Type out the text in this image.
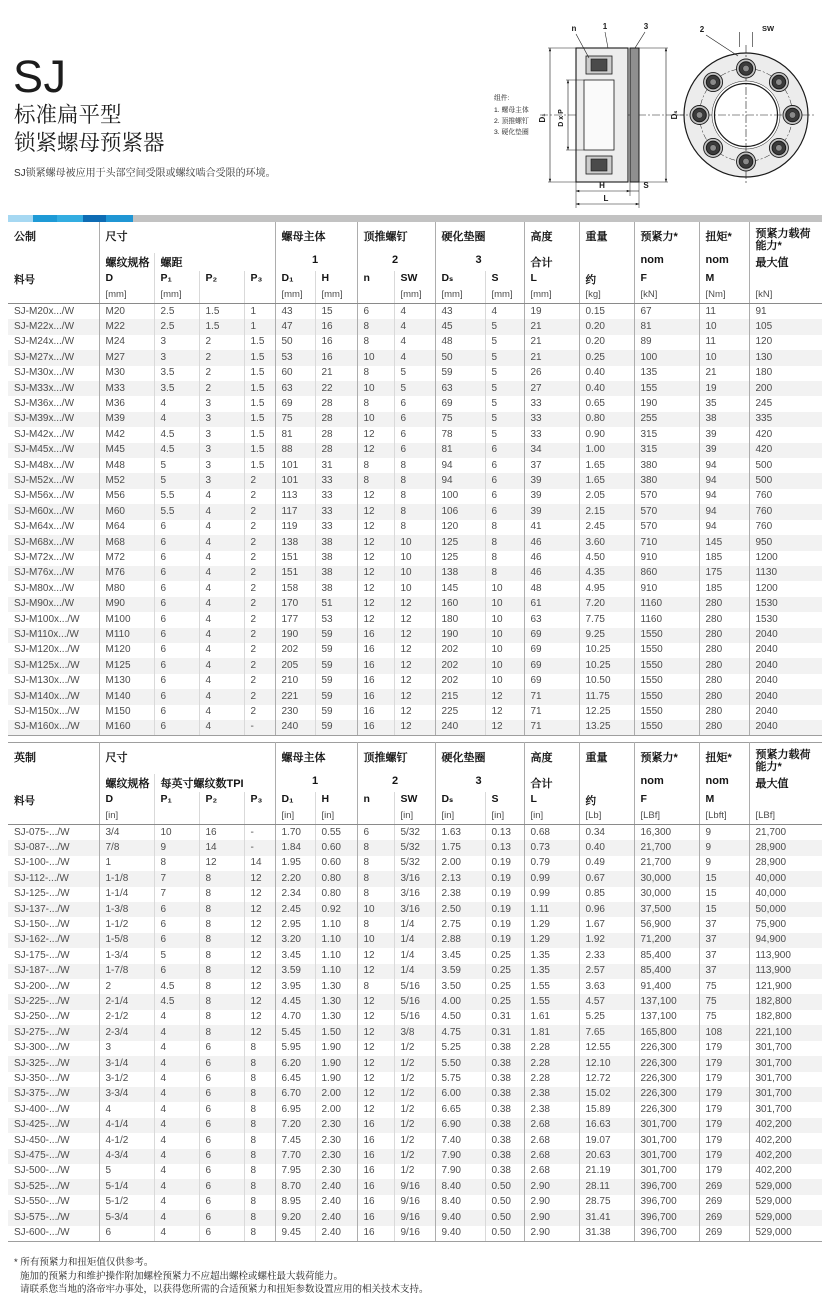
SJ
标准扁平型
锁紧螺母预紧器
SJ锁紧螺母被应用于头部空间受限或螺纹啮合受限的环境。
组件:
1. 螺母主体
2. 顶推螺钉
3. 硬化垫圈
n	1	3
D₁ D x P	Dₛ
H	S
L
2	SW
公制	尺寸				螺母主体		顶推螺钉		硬化垫圈		高度	重量	预紧力*	扭矩*	预紧力载荷能力*
	螺纹规格	螺距			1		2		3		合计		nom	nom	最大值
料号	D	P₁	P₂	P₃	D₁	H	n	SW	Dₛ	S	L	约	F	M	
	[mm]	[mm]			[mm]	[mm]		[mm]	[mm]	[mm]	[mm]	[kg]	[kN]	[Nm]	[kN]
SJ-M20x.../W	M20	2.5	1.5	1	43	15	6	4	43	4	19	0.15	67	11	91
SJ-M22x.../W	M22	2.5	1.5	1	47	16	8	4	45	5	21	0.20	81	10	105
SJ-M24x.../W	M24	3	2	1.5	50	16	8	4	48	5	21	0.20	89	11	120
SJ-M27x.../W	M27	3	2	1.5	53	16	10	4	50	5	21	0.25	100	10	130
SJ-M30x.../W	M30	3.5	2	1.5	60	21	8	5	59	5	26	0.40	135	21	180
SJ-M33x.../W	M33	3.5	2	1.5	63	22	10	5	63	5	27	0.40	155	19	200
SJ-M36x.../W	M36	4	3	1.5	69	28	8	6	69	5	33	0.65	190	35	245
SJ-M39x.../W	M39	4	3	1.5	75	28	10	6	75	5	33	0.80	255	38	335
SJ-M42x.../W	M42	4.5	3	1.5	81	28	12	6	78	5	33	0.90	315	39	420
SJ-M45x.../W	M45	4.5	3	1.5	88	28	12	6	81	6	34	1.00	315	39	420
SJ-M48x.../W	M48	5	3	1.5	101	31	8	8	94	6	37	1.65	380	94	500
SJ-M52x.../W	M52	5	3	2	101	33	8	8	94	6	39	1.65	380	94	500
SJ-M56x.../W	M56	5.5	4	2	113	33	12	8	100	6	39	2.05	570	94	760
SJ-M60x.../W	M60	5.5	4	2	117	33	12	8	106	6	39	2.15	570	94	760
SJ-M64x.../W	M64	6	4	2	119	33	12	8	120	8	41	2.45	570	94	760
SJ-M68x.../W	M68	6	4	2	138	38	12	10	125	8	46	3.60	710	145	950
SJ-M72x.../W	M72	6	4	2	151	38	12	10	125	8	46	4.50	910	185	1200
SJ-M76x.../W	M76	6	4	2	151	38	12	10	138	8	46	4.35	860	175	1130
SJ-M80x.../W	M80	6	4	2	158	38	12	10	145	10	48	4.95	910	185	1200
SJ-M90x.../W	M90	6	4	2	170	51	12	12	160	10	61	7.20	1160	280	1530
SJ-M100x.../W	M100	6	4	2	177	53	12	12	180	10	63	7.75	1160	280	1530
SJ-M110x.../W	M110	6	4	2	190	59	16	12	190	10	69	9.25	1550	280	2040
SJ-M120x.../W	M120	6	4	2	202	59	16	12	202	10	69	10.25	1550	280	2040
SJ-M125x.../W	M125	6	4	2	205	59	16	12	202	10	69	10.25	1550	280	2040
SJ-M130x.../W	M130	6	4	2	210	59	16	12	202	10	69	10.50	1550	280	2040
SJ-M140x.../W	M140	6	4	2	221	59	16	12	215	12	71	11.75	1550	280	2040
SJ-M150x.../W	M150	6	4	2	230	59	16	12	225	12	71	12.25	1550	280	2040
SJ-M160x.../W	M160	6	4	-	240	59	16	12	240	12	71	13.25	1550	280	2040
英制	尺寸				螺母主体		顶推螺钉		硬化垫圈		高度	重量	预紧力*	扭矩*	预紧力载荷能力*
	螺纹规格	每英寸螺纹数TPI			1		2		3		合计		nom	nom	最大值
料号	D	P₁	P₂	P₃	D₁	H	n	SW	Dₛ	S	L	约	F	M	
	[in]				[in]	[in]		[in]	[in]	[in]	[in]	[Lb]	[LBf]	[Lbft]	[LBf]
SJ-075-.../W	3/4	10	16	-	1.70	0.55	6	5/32	1.63	0.13	0.68	0.34	16,300	9	21,700
SJ-087-.../W	7/8	9	14	-	1.84	0.60	8	5/32	1.75	0.13	0.73	0.40	21,700	9	28,900
SJ-100-.../W	1	8	12	14	1.95	0.60	8	5/32	2.00	0.19	0.79	0.49	21,700	9	28,900
SJ-112-.../W	1-1/8	7	8	12	2.20	0.80	8	3/16	2.13	0.19	0.99	0.67	30,000	15	40,000
SJ-125-.../W	1-1/4	7	8	12	2.34	0.80	8	3/16	2.38	0.19	0.99	0.85	30,000	15	40,000
SJ-137-.../W	1-3/8	6	8	12	2.45	0.92	10	3/16	2.50	0.19	1.11	0.96	37,500	15	50,000
SJ-150-.../W	1-1/2	6	8	12	2.95	1.10	8	1/4	2.75	0.19	1.29	1.67	56,900	37	75,900
SJ-162-.../W	1-5/8	6	8	12	3.20	1.10	10	1/4	2.88	0.19	1.29	1.92	71,200	37	94,900
SJ-175-.../W	1-3/4	5	8	12	3.45	1.10	12	1/4	3.45	0.25	1.35	2.33	85,400	37	113,900
SJ-187-.../W	1-7/8	6	8	12	3.59	1.10	12	1/4	3.59	0.25	1.35	2.57	85,400	37	113,900
SJ-200-.../W	2	4.5	8	12	3.95	1.30	8	5/16	3.50	0.25	1.55	3.63	91,400	75	121,900
SJ-225-.../W	2-1/4	4.5	8	12	4.45	1.30	12	5/16	4.00	0.25	1.55	4.57	137,100	75	182,800
SJ-250-.../W	2-1/2	4	8	12	4.70	1.30	12	5/16	4.50	0.31	1.61	5.25	137,100	75	182,800
SJ-275-.../W	2-3/4	4	8	12	5.45	1.50	12	3/8	4.75	0.31	1.81	7.65	165,800	108	221,100
SJ-300-.../W	3	4	6	8	5.95	1.90	12	1/2	5.25	0.38	2.28	12.55	226,300	179	301,700
SJ-325-.../W	3-1/4	4	6	8	6.20	1.90	12	1/2	5.50	0.38	2.28	12.10	226,300	179	301,700
SJ-350-.../W	3-1/2	4	6	8	6.45	1.90	12	1/2	5.75	0.38	2.28	12.72	226,300	179	301,700
SJ-375-.../W	3-3/4	4	6	8	6.70	2.00	12	1/2	6.00	0.38	2.38	15.02	226,300	179	301,700
SJ-400-.../W	4	4	6	8	6.95	2.00	12	1/2	6.65	0.38	2.38	15.89	226,300	179	301,700
SJ-425-.../W	4-1/4	4	6	8	7.20	2.30	16	1/2	6.90	0.38	2.68	16.63	301,700	179	402,200
SJ-450-.../W	4-1/2	4	6	8	7.45	2.30	16	1/2	7.40	0.38	2.68	19.07	301,700	179	402,200
SJ-475-.../W	4-3/4	4	6	8	7.70	2.30	16	1/2	7.90	0.38	2.68	20.63	301,700	179	402,200
SJ-500-.../W	5	4	6	8	7.95	2.30	16	1/2	7.90	0.38	2.68	21.19	301,700	179	402,200
SJ-525-.../W	5-1/4	4	6	8	8.70	2.40	16	9/16	8.40	0.50	2.90	28.11	396,700	269	529,000
SJ-550-.../W	5-1/2	4	6	8	8.95	2.40	16	9/16	8.40	0.50	2.90	28.75	396,700	269	529,000
SJ-575-.../W	5-3/4	4	6	8	9.20	2.40	16	9/16	9.40	0.50	2.90	31.41	396,700	269	529,000
SJ-600-.../W	6	4	6	8	9.45	2.40	16	9/16	9.40	0.50	2.90	31.38	396,700	269	529,000
* 所有预紧力和扭矩值仅供参考。
施加的预紧力和维护操作附加螺栓预紧力不应超出螺栓或螺柱最大载荷能力。
请联系您当地的洛帝牢办事处，以获得您所需的合适预紧力和扭矩参数设置应用的相关技术支持。
